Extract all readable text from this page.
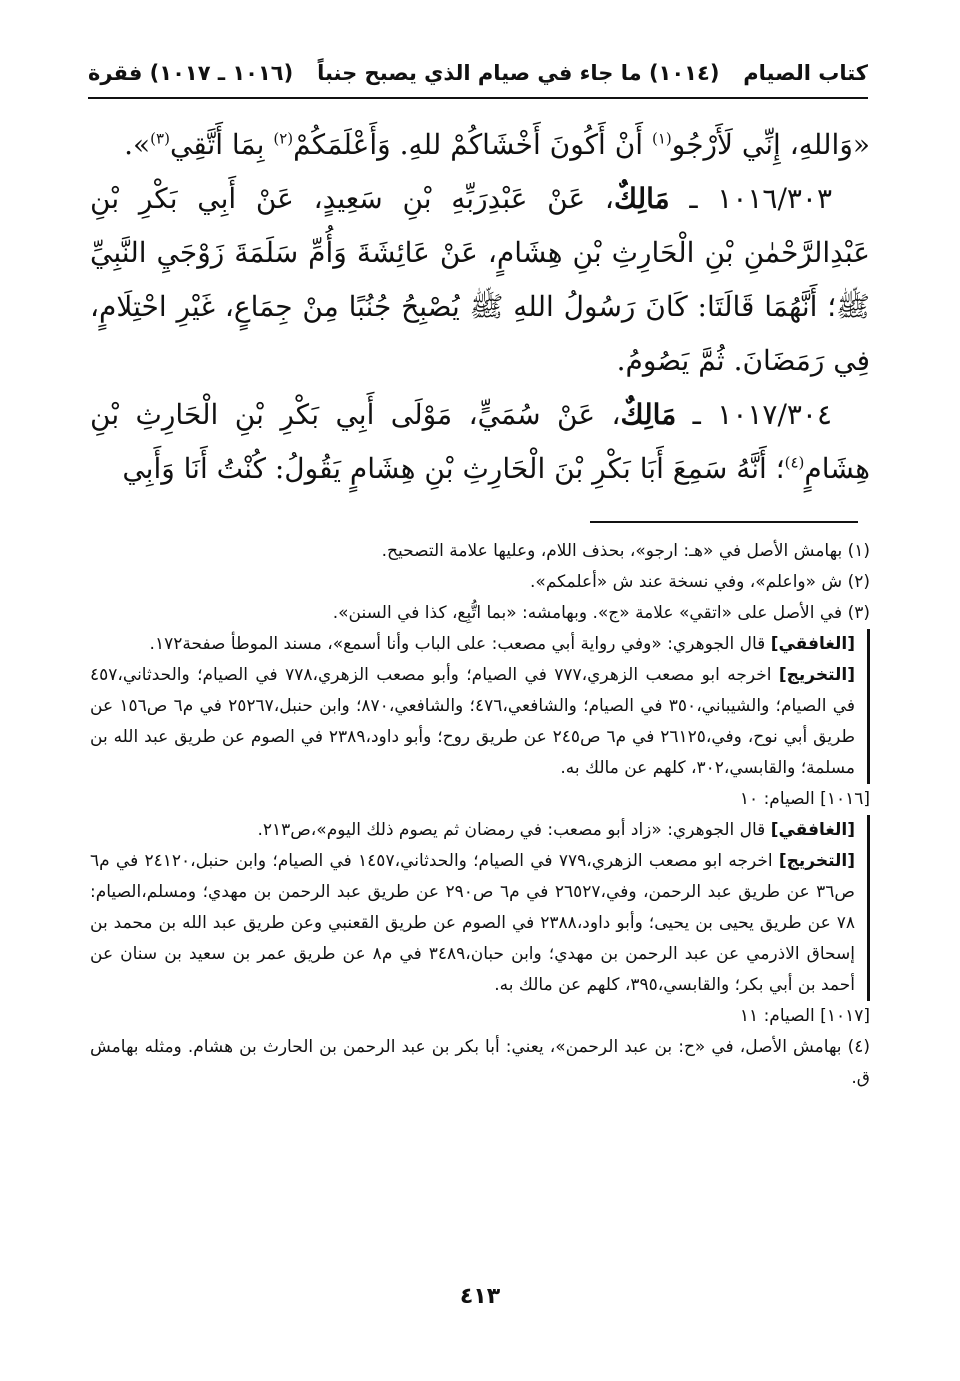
كتاب الصيام
(١٠١٤) ما جاء في صيام الذي يصبح جنباً
(١٠١٦ ـ ١٠١٧) فقرة

«وَاللهِ، إِنِّي لَأَرْجُو$^{(١)}$ أَنْ أَكُونَ أَخْشَاكُمْ للهِ. وَأَعْلَمَكُمْ$^{(٢)}$ بِمَا أَتَّقِي$^{(٣)}$».

١٠١٦/٣٠٣ ـ مَالِكٌ، عَنْ عَبْدِرَبِّهِ بْنِ سَعِيدٍ، عَنْ أَبِي بَكْرِ بْنِ عَبْدِالرَّحْمٰنِ بْنِ الْحَارِثِ بْنِ هِشَامٍ، عَنْ عَائِشَةَ وَأُمِّ سَلَمَةَ زَوْجَيِ النَّبِيِّ ﷺ؛ أَنَّهُمَا قَالَتَا: كَانَ رَسُولُ اللهِ ﷺ يُصْبِحُ جُنُبًا مِنْ جِمَاعٍ، غَيْرِ احْتِلَامٍ، فِي رَمَضَانَ. ثُمَّ يَصُومُ.

١٠١٧/٣٠٤ ـ مَالِكٌ، عَنْ سُمَيٍّ، مَوْلَى أَبِي بَكْرِ بْنِ الْحَارِثِ بْنِ هِشَامٍ$^{(٤)}$؛ أَنَّهُ سَمِعَ أَبَا بَكْرِ بْنَ الْحَارِثِ بْنِ هِشَامٍ يَقُولُ: كُنْتُ أَنَا وَأَبِي

(١) بهامش الأصل في «هـ: ارجو»، بحذف اللام، وعليها علامة التصحيح.

(٢) ش «واعلم»، وفي نسخة عند ش «أعلمكم».

(٣) في الأصل على «اتقي» علامة «ج». وبهامشه: «بما اتُّبِع، كذا في السنن».

[الغافقي] قال الجوهري: «وفي رواية أبي مصعب: على الباب وأنا أسمع»، مسند الموطأ صفحة١٧٢.

[التخريج] اخرجه ابو مصعب الزهري،٧٧٧ في الصيام؛ وأبو مصعب الزهري،٧٧٨ في الصيام؛ والحدثاني،٤٥٧ في الصيام؛ والشيباني،٣٥٠ في الصيام؛ والشافعي،٤٧٦؛ والشافعي،٨٧٠؛ وابن حنبل،٢٥٢٦٧ في م٦ ص١٥٦ عن طريق أبي نوح، وفي،٢٦١٢٥ في م٦ ص٢٤٥ عن طريق روح؛ وأبو داود،٢٣٨٩ في الصوم عن طريق عبد الله بن مسلمة؛ والقابسي،٣٠٢، كلهم عن مالك به.

[١٠١٦] الصيام: ١٠

[الغافقي] قال الجوهري: «زاد أبو مصعب: في رمضان ثم يصوم ذلك اليوم»،ص٢١٣.

[التخريج] اخرجه ابو مصعب الزهري،٧٧٩ في الصيام؛ والحدثاني،١٤٥٧ في الصيام؛ وابن حنبل،٢٤١٢٠ في م٦ ص٣٦ عن طريق عبد الرحمن، وفي،٢٦٥٢٧ في م٦ ص٢٩٠ عن طريق عبد الرحمن بن مهدي؛ ومسلم،الصيام: ٧٨ عن طريق يحيى بن يحيى؛ وأبو داود،٢٣٨٨ في الصوم عن طريق القعنبي وعن طريق عبد الله بن محمد بن إسحاق الاذرمي عن عبد الرحمن بن مهدي؛ وابن حبان،٣٤٨٩ في م٨ عن طريق عمر بن سعيد بن سنان عن أحمد بن أبي بكر؛ والقابسي،٣٩٥، كلهم عن مالك به.

[١٠١٧] الصيام: ١١

(٤) بهامش الأصل، في «ح: بن عبد الرحمن»، يعني: أبا بكر بن عبد الرحمن بن الحارث بن هشام. ومثله بهامش ق.

٤١٣
